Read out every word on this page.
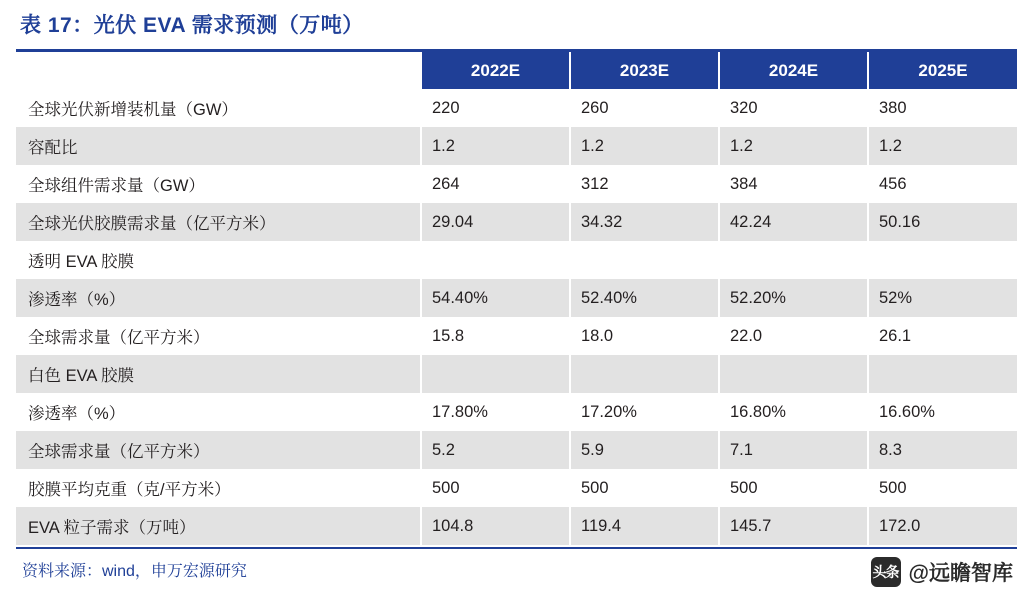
表 17：光伏 EVA 需求预测（万吨）
	2022E	2023E	2024E	2025E
全球光伏新增装机量（GW）	220	260	320	380
容配比	1.2	1.2	1.2	1.2
全球组件需求量（GW）	264	312	384	456
全球光伏胶膜需求量（亿平方米）	29.04	34.32	42.24	50.16
透明 EVA 胶膜				
渗透率（%）	54.40%	52.40%	52.20%	52%
全球需求量（亿平方米）	15.8	18.0	22.0	26.1
白色 EVA 胶膜				
渗透率（%）	17.80%	17.20%	16.80%	16.60%
全球需求量（亿平方米）	5.2	5.9	7.1	8.3
胶膜平均克重（克/平方米）	500	500	500	500
EVA 粒子需求（万吨）	104.8	119.4	145.7	172.0
资料来源：wind，申万宏源研究	头条 @远瞻智库
